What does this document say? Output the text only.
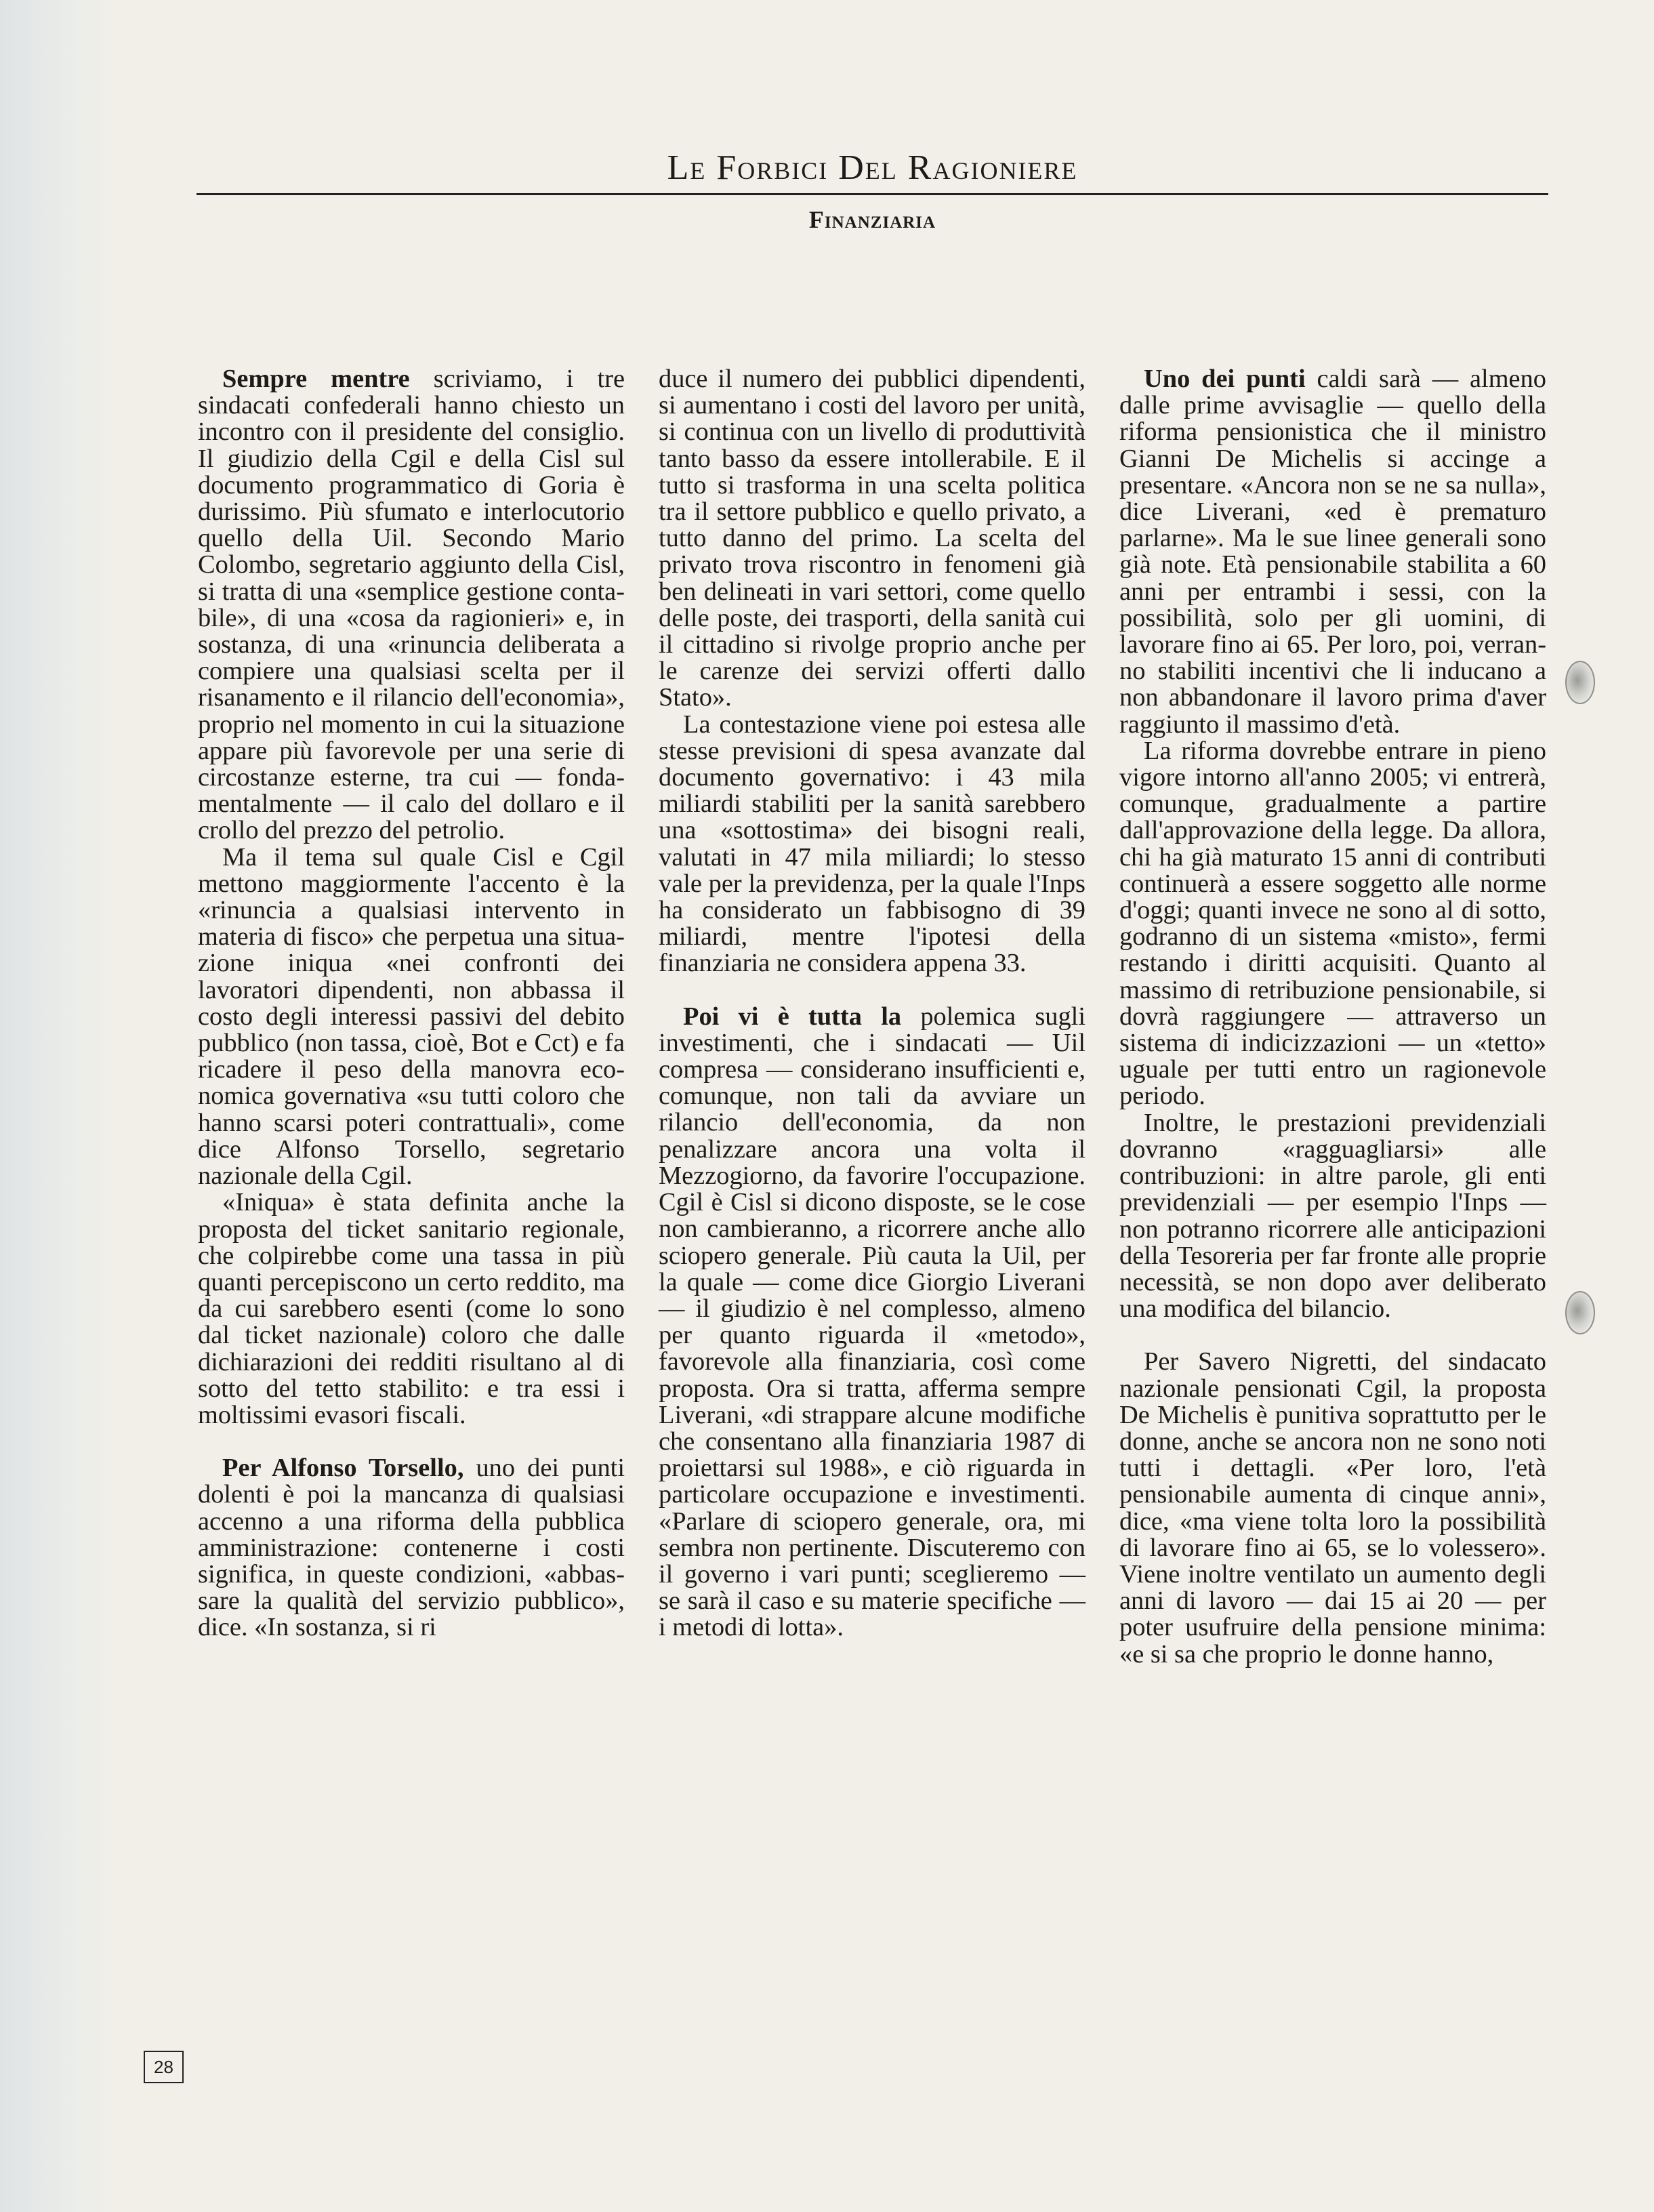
Le Forbici Del Ragioniere
Finanziaria

Sempre mentre scriviamo, i tre sindacati confederali hanno chiesto un incontro con il presidente del consiglio. Il giudizio della Cgil e della Cisl sul documento programmatico di Goria è durissimo. Più sfumato e interlocutorio quello della Uil. Secondo Mario Colombo, segretario aggiunto della Cisl, si tratta di una «semplice gestione contabile», di una «cosa da ragionieri» e, in sostanza, di una «rinuncia deliberata a compiere una qualsiasi scelta per il risanamento e il rilancio dell'economia», proprio nel momento in cui la situazione appare più favorevole per una serie di circostanze esterne, tra cui — fondamentalmente — il calo del dollaro e il crollo del prezzo del petrolio.

Ma il tema sul quale Cisl e Cgil mettono maggiormente l'accento è la «rinuncia a qualsiasi intervento in materia di fisco» che perpetua una situazione iniqua «nei confronti dei lavoratori dipendenti, non abbassa il costo degli interessi passivi del debito pubblico (non tassa, cioè, Bot e Cct) e fa ricadere il peso della manovra economica governativa «su tutti coloro che hanno scarsi poteri contrattuali», come dice Alfonso Torsello, segretario nazionale della Cgil.

«Iniqua» è stata definita anche la proposta del ticket sanitario regionale, che colpirebbe come una tassa in più quanti percepiscono un certo reddito, ma da cui sarebbero esenti (come lo sono dal ticket nazionale) coloro che dalle dichiarazioni dei redditi risultano al di sotto del tetto stabilito: e tra essi i moltissimi evasori fiscali.

Per Alfonso Torsello, uno dei punti dolenti è poi la mancanza di qualsiasi accenno a una riforma della pubblica amministrazione: contenerne i costi significa, in queste condizioni, «abbassare la qualità del servizio pubblico», dice. «In sostanza, si ri

duce il numero dei pubblici dipendenti, si aumentano i costi del lavoro per unità, si continua con un livello di produttività tanto basso da essere intollerabile. E il tutto si trasforma in una scelta politica tra il settore pubblico e quello privato, a tutto danno del primo. La scelta del privato trova riscontro in fenomeni già ben delineati in vari settori, come quello delle poste, dei trasporti, della sanità cui il cittadino si rivolge proprio anche per le carenze dei servizi offerti dallo Stato».

La contestazione viene poi estesa alle stesse previsioni di spesa avanzate dal documento governativo: i 43 mila miliardi stabiliti per la sanità sarebbero una «sottostima» dei bisogni reali, valutati in 47 mila miliardi; lo stesso vale per la previdenza, per la quale l'Inps ha considerato un fabbisogno di 39 miliardi, mentre l'ipotesi della finanziaria ne considera appena 33.

Poi vi è tutta la polemica sugli investimenti, che i sindacati — Uil compresa — considerano insufficienti e, comunque, non tali da avviare un rilancio dell'economia, da non penalizzare ancora una volta il Mezzogiorno, da favorire l'occupazione. Cgil è Cisl si dicono disposte, se le cose non cambieranno, a ricorrere anche allo sciopero generale. Più cauta la Uil, per la quale — come dice Giorgio Liverani — il giudizio è nel complesso, almeno per quanto riguarda il «metodo», favorevole alla finanziaria, così come proposta. Ora si tratta, afferma sempre Liverani, «di strappare alcune modifiche che consentano alla finanziaria 1987 di proiettarsi sul 1988», e ciò riguarda in particolare occupazione e investimenti. «Parlare di sciopero generale, ora, mi sembra non pertinente. Discuteremo con il governo i vari punti; sceglieremo — se sarà il caso e su materie specifiche — i metodi di lotta».

Uno dei punti caldi sarà — almeno dalle prime avvisaglie — quello della riforma pensionistica che il ministro Gianni De Michelis si accinge a presentare. «Ancora non se ne sa nulla», dice Liverani, «ed è prematuro parlarne». Ma le sue linee generali sono già note. Età pensionabile stabilita a 60 anni per entrambi i sessi, con la possibilità, solo per gli uomini, di lavorare fino ai 65. Per loro, poi, verranno stabiliti incentivi che li inducano a non abbandonare il lavoro prima d'aver raggiunto il massimo d'età.

La riforma dovrebbe entrare in pieno vigore intorno all'anno 2005; vi entrerà, comunque, gradualmente a partire dall'approvazione della legge. Da allora, chi ha già maturato 15 anni di contributi continuerà a essere soggetto alle norme d'oggi; quanti invece ne sono al di sotto, godranno di un sistema «misto», fermi restando i diritti acquisiti. Quanto al massimo di retribuzione pensionabile, si dovrà raggiungere — attraverso un sistema di indicizzazioni — un «tetto» uguale per tutti entro un ragionevole periodo.

Inoltre, le prestazioni previdenziali dovranno «ragguagliarsi» alle contribuzioni: in altre parole, gli enti previdenziali — per esempio l'Inps — non potranno ricorrere alle anticipazioni della Tesoreria per far fronte alle proprie necessità, se non dopo aver deliberato una modifica del bilancio.

Per Savero Nigretti, del sindacato nazionale pensionati Cgil, la proposta De Michelis è punitiva soprattutto per le donne, anche se ancora non ne sono noti tutti i dettagli. «Per loro, l'età pensionabile aumenta di cinque anni», dice, «ma viene tolta loro la possibilità di lavorare fino ai 65, se lo volessero». Viene inoltre ventilato un aumento degli anni di lavoro — dai 15 ai 20 — per poter usufruire della pensione minima: «e si sa che proprio le donne hanno,

28
